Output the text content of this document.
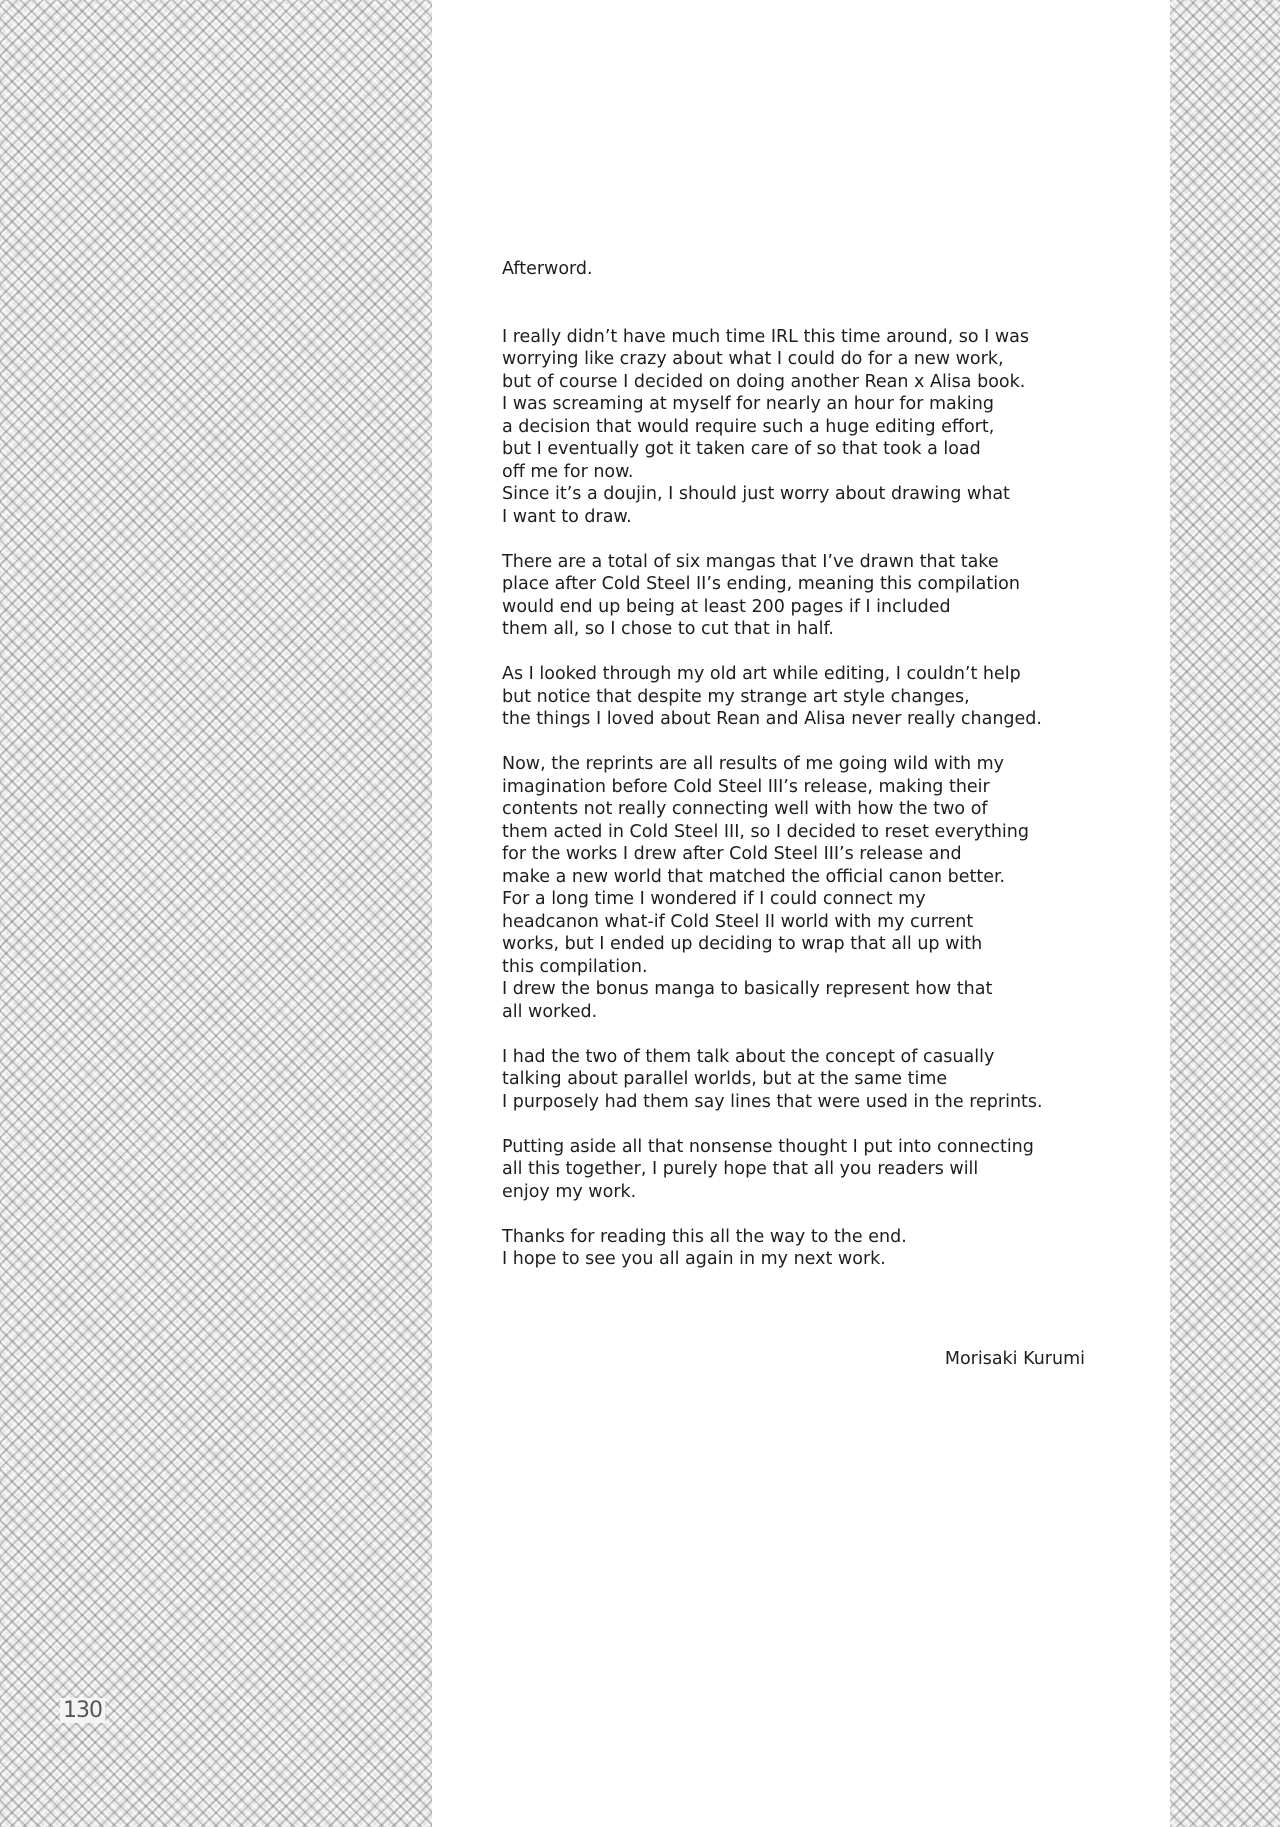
130
Afterword.
I really didn’t have much time IRL this time around, so I was
worrying like crazy about what I could do for a new work,
but of course I decided on doing another Rean x Alisa book.
I was screaming at myself for nearly an hour for making
a decision that would require such a huge editing effort,
but I eventually got it taken care of so that took a load
off me for now.
Since it’s a doujin, I should just worry about drawing what
I want to draw.
There are a total of six mangas that I’ve drawn that take
place after Cold Steel II’s ending, meaning this compilation
would end up being at least 200 pages if I included
them all, so I chose to cut that in half.
As I looked through my old art while editing, I couldn’t help
but notice that despite my strange art style changes,
the things I loved about Rean and Alisa never really changed.
Now, the reprints are all results of me going wild with my
imagination before Cold Steel III’s release, making their
contents not really connecting well with how the two of
them acted in Cold Steel III, so I decided to reset everything
for the works I drew after Cold Steel III’s release and
make a new world that matched the official canon better.
For a long time I wondered if I could connect my
headcanon what-if Cold Steel II world with my current
works, but I ended up deciding to wrap that all up with
this compilation.
I drew the bonus manga to basically represent how that
all worked.
I had the two of them talk about the concept of casually
talking about parallel worlds, but at the same time
I purposely had them say lines that were used in the reprints.
Putting aside all that nonsense thought I put into connecting
all this together, I purely hope that all you readers will
enjoy my work.
Thanks for reading this all the way to the end.
I hope to see you all again in my next work.
Morisaki Kurumi
